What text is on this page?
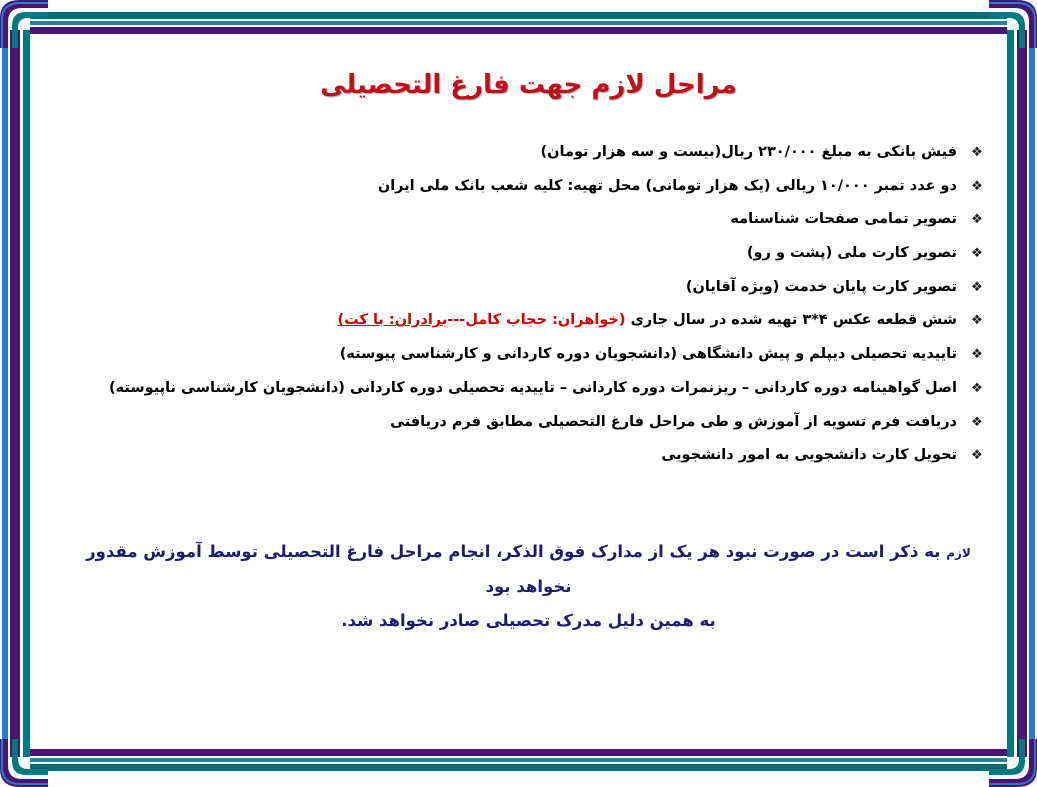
مراحل لازم جهت فارغ التحصیلی
❖
فیش بانکی به مبلغ ۲۳۰/۰۰۰ ریال(بیست و سه هزار تومان)
❖
دو عدد تمبر ۱۰/۰۰۰ ریالی (یک هزار تومانی) محل تهیه: کلیه شعب بانک ملی ایران
❖
تصویر تمامی صفحات شناسنامه
❖
تصویر کارت ملی (پشت و رو)
❖
تصویر کارت پایان خدمت (ویژه آقایان)
❖
شش قطعه عکس ۴*۳ تهیه شده در سال جاری (خواهران: حجاب کامل---برادران: با کت)
❖
تاییدیه تحصیلی دیپلم و پیش دانشگاهی (دانشجویان دوره کاردانی و کارشناسی پیوسته)
❖
اصل گواهینامه دوره کاردانی – ریزنمرات دوره کاردانی – تاییدیه تحصیلی دوره کاردانی (دانشجویان کارشناسی ناپیوسته)
❖
دریافت فرم تسویه از آموزش و طی مراحل فارغ التحصیلی مطابق فرم دریافتی
❖
تحویل کارت دانشجویی به امور دانشجویی
لازم به ذکر است در صورت نبود هر یک از مدارک فوق الذکر، انجام مراحل فارغ التحصیلی توسط آموزش مقدور نخواهد بود
به همین دلیل مدرک تحصیلی صادر نخواهد شد.
